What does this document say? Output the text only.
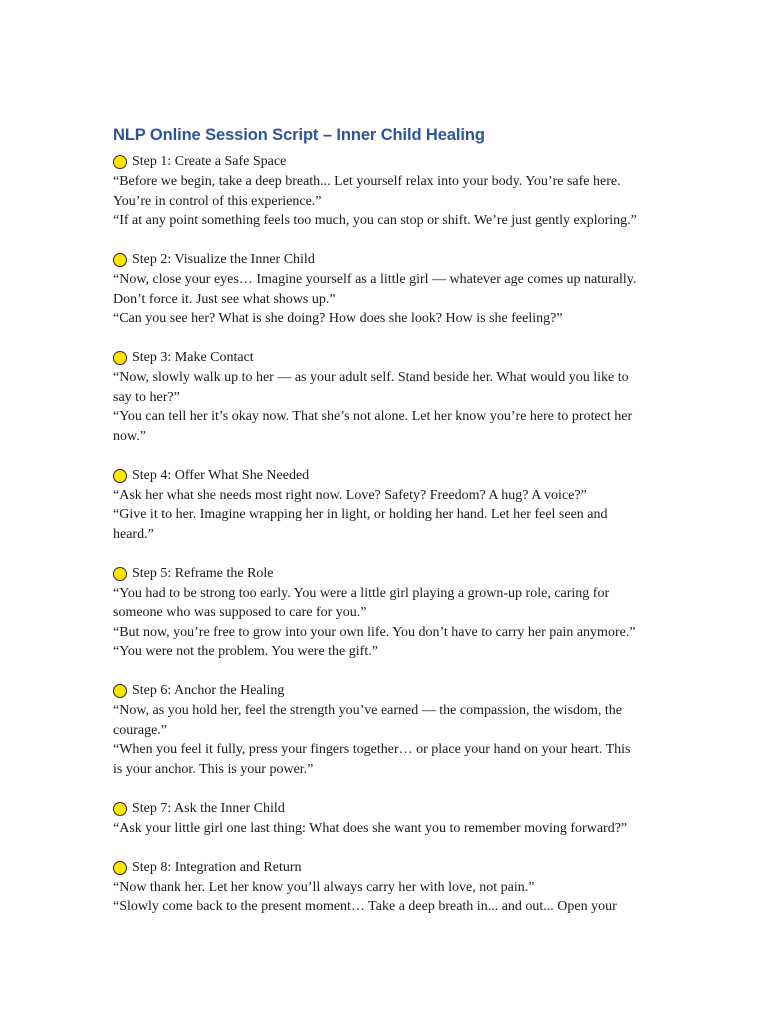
NLP Online Session Script – Inner Child Healing
Step 1: Create a Safe Space

“Before we begin, take a deep breath... Let yourself relax into your body. You’re safe here.

You’re in control of this experience.”

“If at any point something feels too much, you can stop or shift. We’re just gently exploring.”

Step 2: Visualize the Inner Child

“Now, close your eyes… Imagine yourself as a little girl — whatever age comes up naturally.

Don’t force it. Just see what shows up.”

“Can you see her? What is she doing? How does she look? How is she feeling?”

Step 3: Make Contact

“Now, slowly walk up to her — as your adult self. Stand beside her. What would you like to

say to her?”

“You can tell her it’s okay now. That she’s not alone. Let her know you’re here to protect her

now.”

Step 4: Offer What She Needed

“Ask her what she needs most right now. Love? Safety? Freedom? A hug? A voice?”

“Give it to her. Imagine wrapping her in light, or holding her hand. Let her feel seen and

heard.”

Step 5: Reframe the Role

“You had to be strong too early. You were a little girl playing a grown-up role, caring for

someone who was supposed to care for you.”

“But now, you’re free to grow into your own life. You don’t have to carry her pain anymore.”

“You were not the problem. You were the gift.”

Step 6: Anchor the Healing

“Now, as you hold her, feel the strength you’ve earned — the compassion, the wisdom, the

courage.”

“When you feel it fully, press your fingers together… or place your hand on your heart. This

is your anchor. This is your power.”

Step 7: Ask the Inner Child

“Ask your little girl one last thing: What does she want you to remember moving forward?”

Step 8: Integration and Return

“Now thank her. Let her know you’ll always carry her with love, not pain.”

“Slowly come back to the present moment… Take a deep breath in... and out... Open your
